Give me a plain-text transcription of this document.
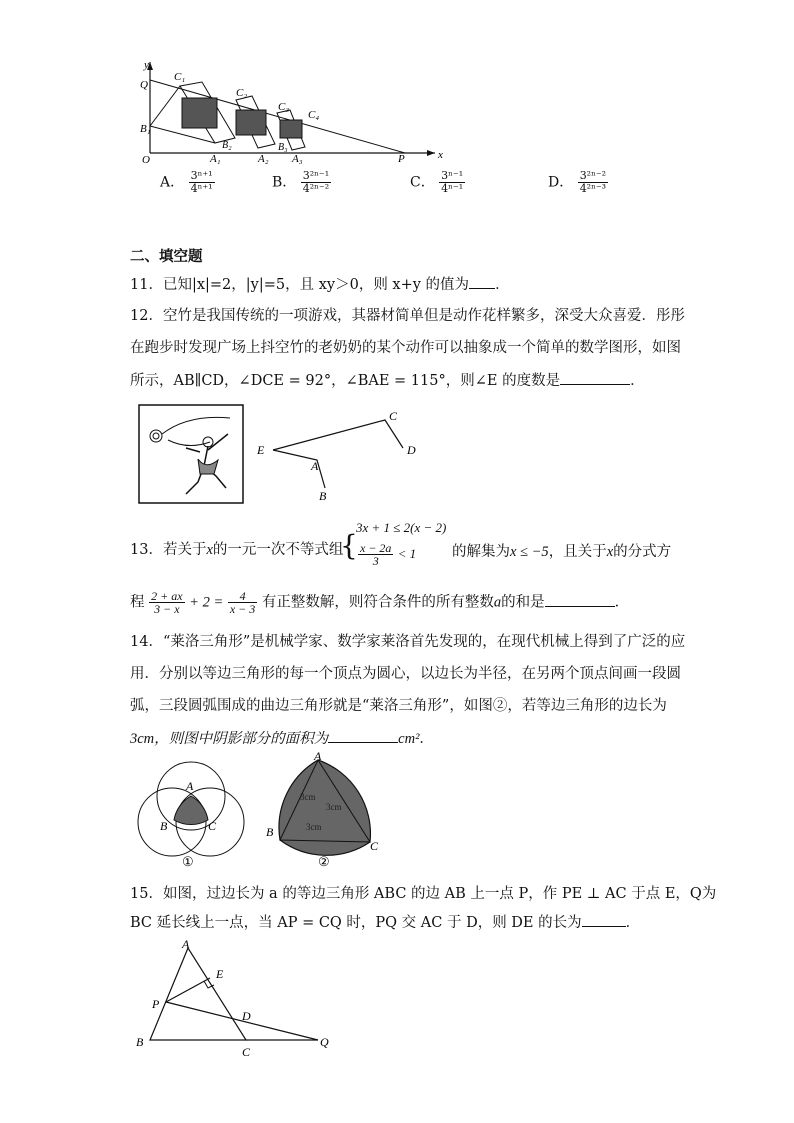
O
y
x
Q
B₁
B₂	B₃
A₁	A₂ A₃
C₁
C₂
C₃
C₄
P
A． $\frac{\text{3ⁿ⁺¹}}{\text{4ⁿ⁺¹}}$	B． $\frac{\text{3²ⁿ⁻¹}}{\text{4²ⁿ⁻²}}$	C． $\frac{\text{3ⁿ⁻¹}}{\text{4ⁿ⁻¹}}$	D． $\frac{\text{3²ⁿ⁻²}}{\text{4²ⁿ⁻³}}$
二、填空题
11．已知|x|=2，|y|=5，且 xy＞0，则 x+y 的值为 ．
12．空竹是我国传统的一项游戏，其器材简单但是动作花样繁多，深受大众喜爱．彤彤
在跑步时发现广场上抖空竹的老奶奶的某个动作可以抽象成一个简单的数学图形，如图
所示，AB∥CD，∠DCE = 92°，∠BAE = 115°，则∠E 的度数是	．
E
A
B
C
D
13．若关于x的一元一次不等式组
{
3x + 1 ≤ 2(x − 2)
$\frac{x - 2a}{3} < 1$ 的解集为x ≤ −5，且关于x的分式方
程 $\frac{2 + ax}{3 - x} + 2 = \frac{4}{x - 3}$ 有正整数解，则符合条件的所有整数a的和是	．
14．“莱洛三角形”是机械学家、数学家莱洛首先发现的，在现代机械上得到了广泛的应
用．分别以等边三角形的每一个顶点为圆心，以边长为半径，在另两个顶点间画一段圆
弧，三段圆弧围成的曲边三角形就是“莱洛三角形”，如图②，若等边三角形的边长为
3cm，则图中阴影部分的面积为	cm²．
A
B	C
①
3cm
3cm
3cm
A
B
C
②
15．如图，过边长为 a 的等边三角形 ABC 的边 AB 上一点 P，作 PE ⊥ AC 于点 E，Q为
BC 延长线上一点，当 AP = CQ 时，PQ 交 AC 于 D，则 DE 的长为	．
A
E
P
D
B
C
Q
